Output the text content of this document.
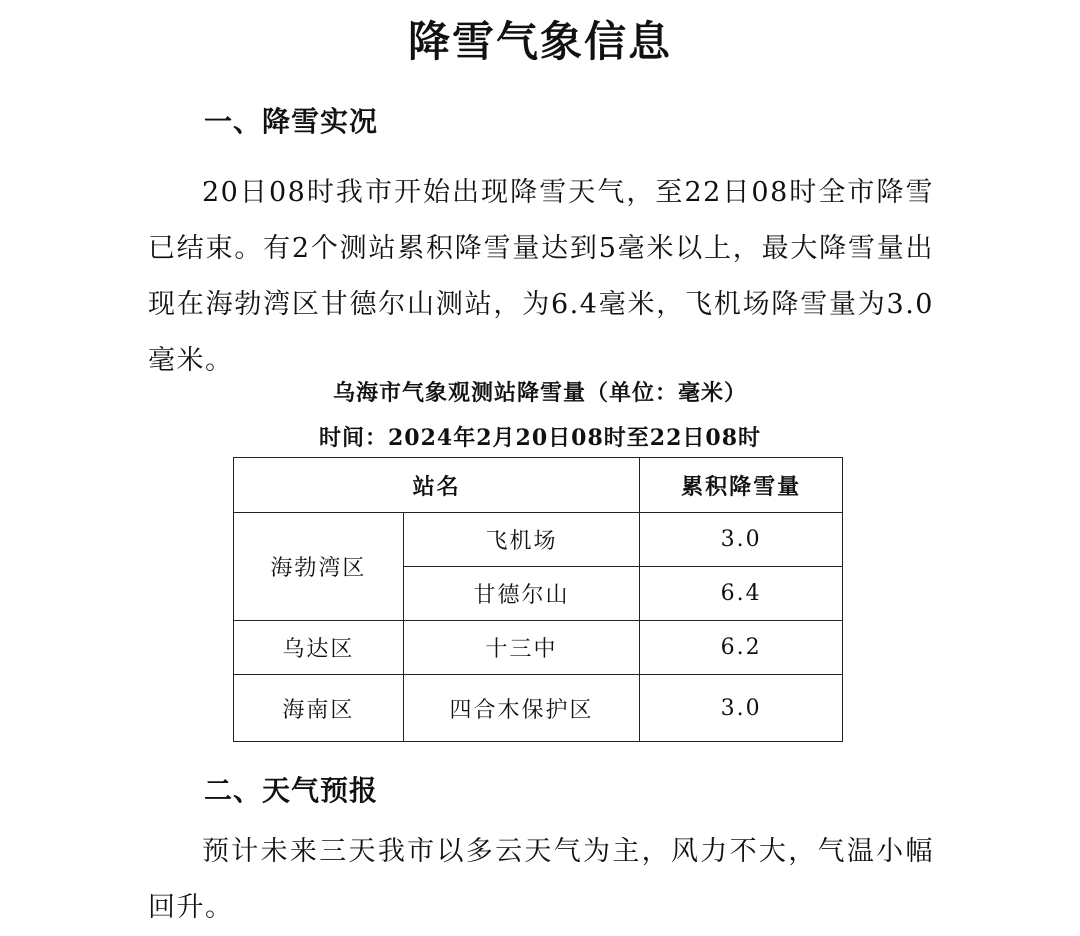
降雪气象信息
一、降雪实况
20日08时我市开始出现降雪天气，至22日08时全市降雪已结束。有2个测站累积降雪量达到5毫米以上，最大降雪量出现在海勃湾区甘德尔山测站，为6.4毫米，飞机场降雪量为3.0毫米。
乌海市气象观测站降雪量（单位：毫米）
时间：2024年2月20日08时至22日08时
站名		累积降雪量
海勃湾区	飞机场	3.0
	甘德尔山	6.4
乌达区	十三中	6.2
海南区	四合木保护区	3.0
二、天气预报
预计未来三天我市以多云天气为主，风力不大，气温小幅回升。
